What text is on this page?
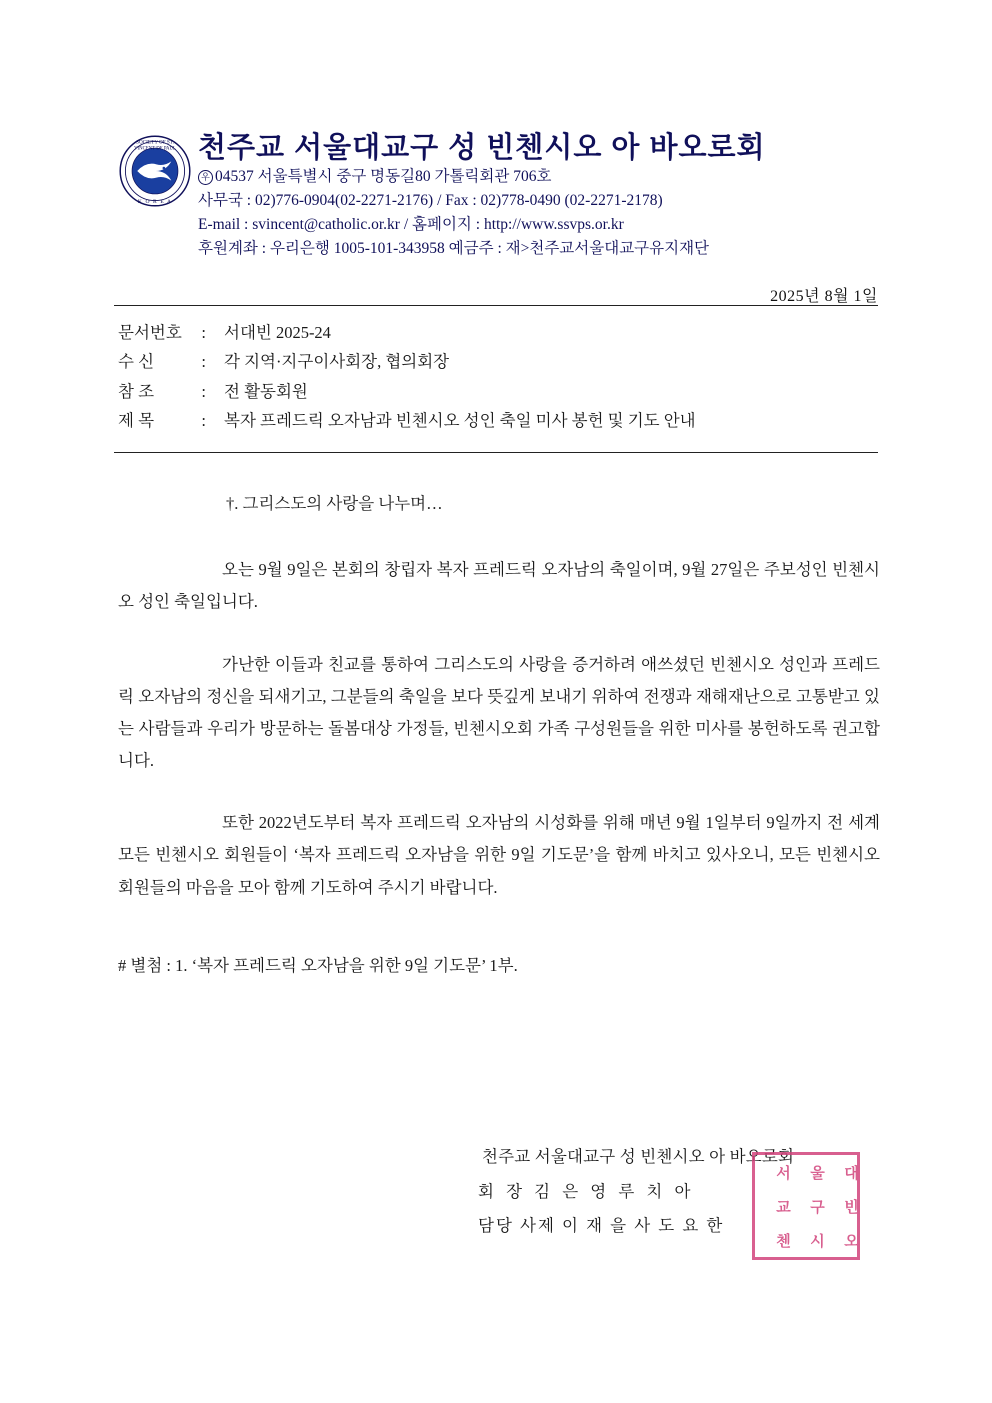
SOCIETY OF ST.
VINCENT DE PAUL
K O R E A
천주교 서울대교구 성 빈첸시오 아 바오로회
우 04537 서울특별시 중구 명동길80 가톨릭회관 706호
사무국 : 02)776-0904(02-2271-2176) / Fax : 02)778-0490 (02-2271-2178)
E-mail : svincent@catholic.or.kr / 홈페이지 : http://www.ssvps.or.kr
후원계좌 : 우리은행 1005-101-343958 예금주 : 재>천주교서울대교구유지재단
2025년 8월 1일
문서번호 :	서대빈 2025-24
수 신	:	각 지역·지구이사회장, 협의회장
참 조	:	전 활동회원
제 목	:	복자 프레드릭 오자남과 빈첸시오 성인 축일 미사 봉헌 및 기도 안내

†. 그리스도의 사랑을 나누며…

오는 9월 9일은 본회의 창립자 복자 프레드릭 오자남의 축일이며, 9월 27일은 주보성인 빈첸시오 성인 축일입니다.

가난한 이들과 친교를 통하여 그리스도의 사랑을 증거하려 애쓰셨던 빈첸시오 성인과 프레드릭 오자남의 정신을 되새기고, 그분들의 축일을 보다 뜻깊게 보내기 위하여 전쟁과 재해재난으로 고통받고 있는 사람들과 우리가 방문하는 돌봄대상 가정들, 빈첸시오회 가족 구성원들을 위한 미사를 봉헌하도록 권고합니다.

또한 2022년도부터 복자 프레드릭 오자남의 시성화를 위해 매년 9월 1일부터 9일까지 전 세계 모든 빈첸시오 회원들이 ‘복자 프레드릭 오자남을 위한 9일 기도문’을 함께 바치고 있사오니, 모든 빈첸시오 회원들의 마음을 모아 함께 기도하여 주시기 바랍니다.

# 별첨 : 1. ‘복자 프레드릭 오자남을 위한 9일 기도문’ 1부.

천주교 서울대교구 성 빈첸시오 아 바오로회
회 장 김 은 영 루 치 아
담당 사제 이 재 을 사 도 요 한
서	울	대
교	구	빈
첸	시	오
